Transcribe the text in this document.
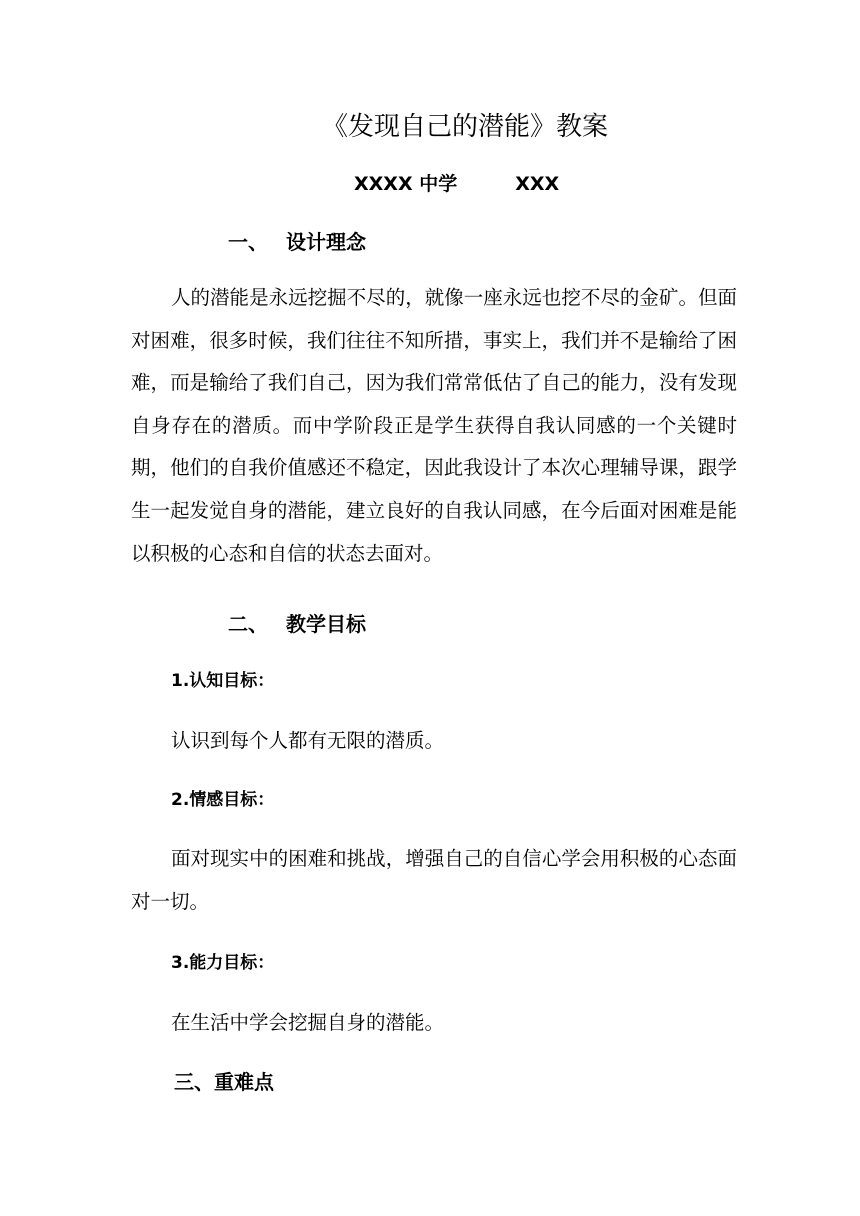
《发现自己的潜能》教案
XXXX 中学	XXX
一、 设计理念
人的潜能是永远挖掘不尽的，就像一座永远也挖不尽的金矿。但面对困难，很多时候，我们往往不知所措，事实上，我们并不是输给了困难，而是输给了我们自己，因为我们常常低估了自己的能力，没有发现自身存在的潜质。而中学阶段正是学生获得自我认同感的一个关键时期，他们的自我价值感还不稳定，因此我设计了本次心理辅导课，跟学生一起发觉自身的潜能，建立良好的自我认同感，在今后面对困难是能以积极的心态和自信的状态去面对。
二、 教学目标
1.认知目标：
认识到每个人都有无限的潜质。
2.情感目标：
面对现实中的困难和挑战，增强自己的自信心学会用积极的心态面对一切。
3.能力目标：
在生活中学会挖掘自身的潜能。
三、重难点
